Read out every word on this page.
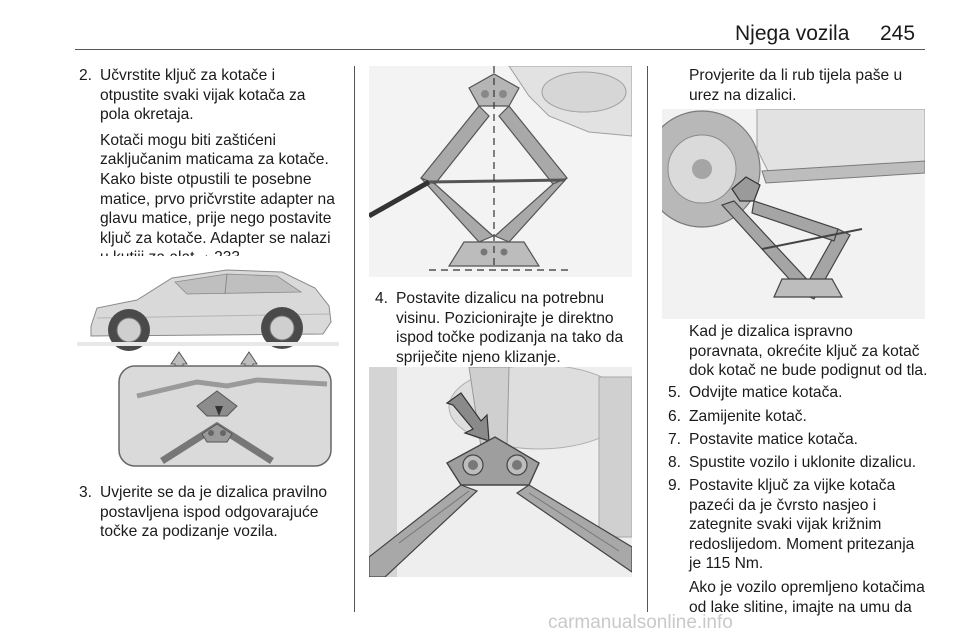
Njega vozila 245
2. Učvrstite ključ za kotače i
otpustite svaki vijak kotača za
pola okretaja.
Kotači mogu biti zaštićeni
zaključanim maticama za kotače.
Kako biste otpustili te posebne
matice, prvo pričvrstite adapter na
glavu matice, prije nego postavite
ključ za kotače. Adapter se nalazi
3. Uvjerite se da je dizalica pravilno
postavljena ispod odgovarajuće
točke za podizanje vozila.
4. Postavite dizalicu na potrebnu
visinu. Pozicionirajte je direktno
ispod točke podizanja na tako da
spriječite njeno klizanje.
Provjerite da li rub tijela paše u
urez na dizalici.
Kad je dizalica ispravno
poravnata, okrećite ključ za kotač
dok kotač ne bude podignut od tla.
5. Odvijte matice kotača.
6. Zamijenite kotač.
7. Postavite matice kotača.
8. Spustite vozilo i uklonite dizalicu.
9. Postavite ključ za vijke kotača
pazeći da je čvrsto nasjeo i
zategnite svaki vijak križnim
redoslijedom. Moment pritezanja
je 115 Nm.
Ako je vozilo opremljeno kotačima
od lake slitine, imajte na umu da
carmanualsonline.info
